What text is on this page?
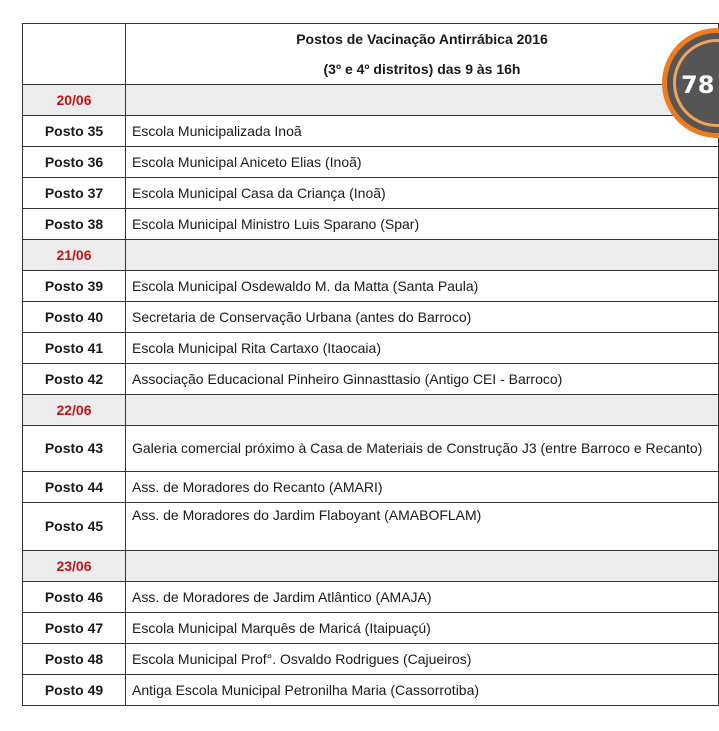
	Postos de Vacinação Antirrábica 2016
(3º e 4º distritos) das 9 às 16h

20/06	
Posto 35	Escola Municipalizada Inoã
Posto 36	Escola Municipal Aniceto Elias (Inoã)
Posto 37	Escola Municipal Casa da Criança (Inoã)
Posto 38	Escola Municipal Ministro Luis Sparano (Spar)
21/06	
Posto 39	Escola Municipal Osdewaldo M. da Matta (Santa Paula)
Posto 40	Secretaria de Conservação Urbana (antes do Barroco)
Posto 41	Escola Municipal Rita Cartaxo (Itaocaia)
Posto 42	Associação Educacional Pinheiro Ginnasttasio (Antigo CEI - Barroco)
22/06	
Posto 43	Galeria comercial próximo à Casa de Materiais de Construção J3 (entre Barroco e Recanto)
Posto 44	Ass. de Moradores do Recanto (AMARI)
Posto 45	Ass. de Moradores do Jardim Flaboyant (AMABOFLAM)
23/06	
Posto 46	Ass. de Moradores de Jardim Atlântico (AMAJA)
Posto 47	Escola Municipal Marquês de Maricá (Itaipuaçú)
Posto 48	Escola Municipal Prof°. Osvaldo Rodrigues (Cajueiros)
Posto 49	Antiga Escola Municipal Petronilha Maria (Cassorrotiba)
78
